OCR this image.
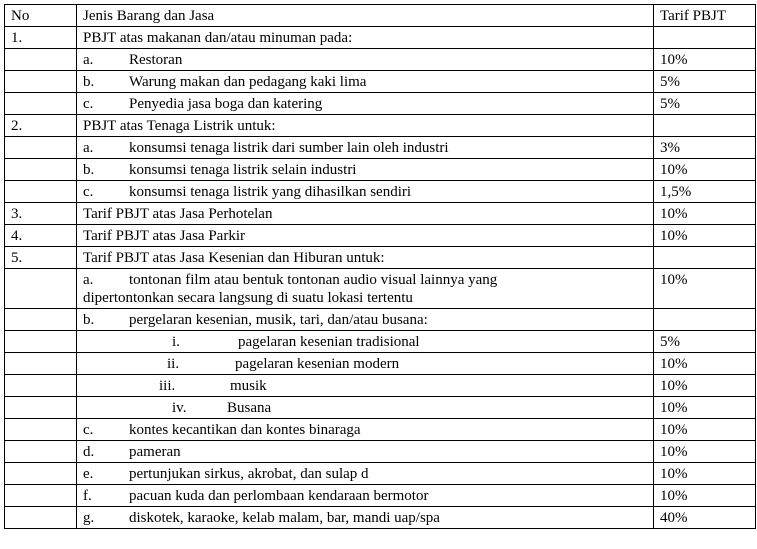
No	Jenis Barang dan Jasa	Tarif PBJT
1.	PBJT atas makanan dan/atau minuman pada:	
	a. Restoran	10%
	b. Warung makan dan pedagang kaki lima	5%
	c. Penyedia jasa boga dan katering	5%
2.	PBJT atas Tenaga Listrik untuk:	
	a. konsumsi tenaga listrik dari sumber lain oleh industri	3%
	b. konsumsi tenaga listrik selain industri	10%
	c. konsumsi tenaga listrik yang dihasilkan sendiri	1,5%
3.	Tarif PBJT atas Jasa Perhotelan	10%
4.	Tarif PBJT atas Jasa Parkir	10%
5.	Tarif PBJT atas Jasa Kesenian dan Hiburan untuk:	

	a. tontonan film atau bentuk tontonan audio visual lainnya yang
dipertontonkan secara langsung di suatu lokasi tertentu	10%
	b. pergelaran kesenian, musik, tari, dan/atau busana:	
	i. pagelaran kesenian tradisional	5%
	ii. pagelaran kesenian modern	10%
	iii. musik	10%
	iv. Busana	10%
	c. kontes kecantikan dan kontes binaraga	10%
	d. pameran	10%
	e. pertunjukan sirkus, akrobat, dan sulap d	10%
	f. pacuan kuda dan perlombaan kendaraan bermotor	10%
	g. diskotek, karaoke, kelab malam, bar, mandi uap/spa	40%
